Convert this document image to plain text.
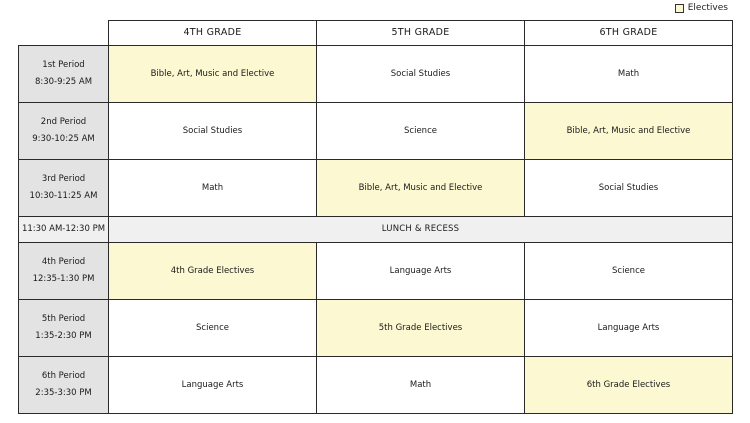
Electives
4TH GRADE	5TH GRADE	6TH GRADE
1st Period
8:30-9:25 AM
Bible, Art, Music and Elective	Social Studies	Math
2nd Period
9:30-10:25 AM
Social Studies	Science	Bible, Art, Music and Elective
3rd Period
10:30-11:25 AM
Math	Bible, Art, Music and Elective	Social Studies
11:30 AM-12:30 PM	LUNCH & RECESS
4th Period
12:35-1:30 PM
4th Grade Electives	Language Arts	Science
5th Period
1:35-2:30 PM
Science	5th Grade Electives	Language Arts
6th Period
2:35-3:30 PM
Language Arts	Math	6th Grade Electives
